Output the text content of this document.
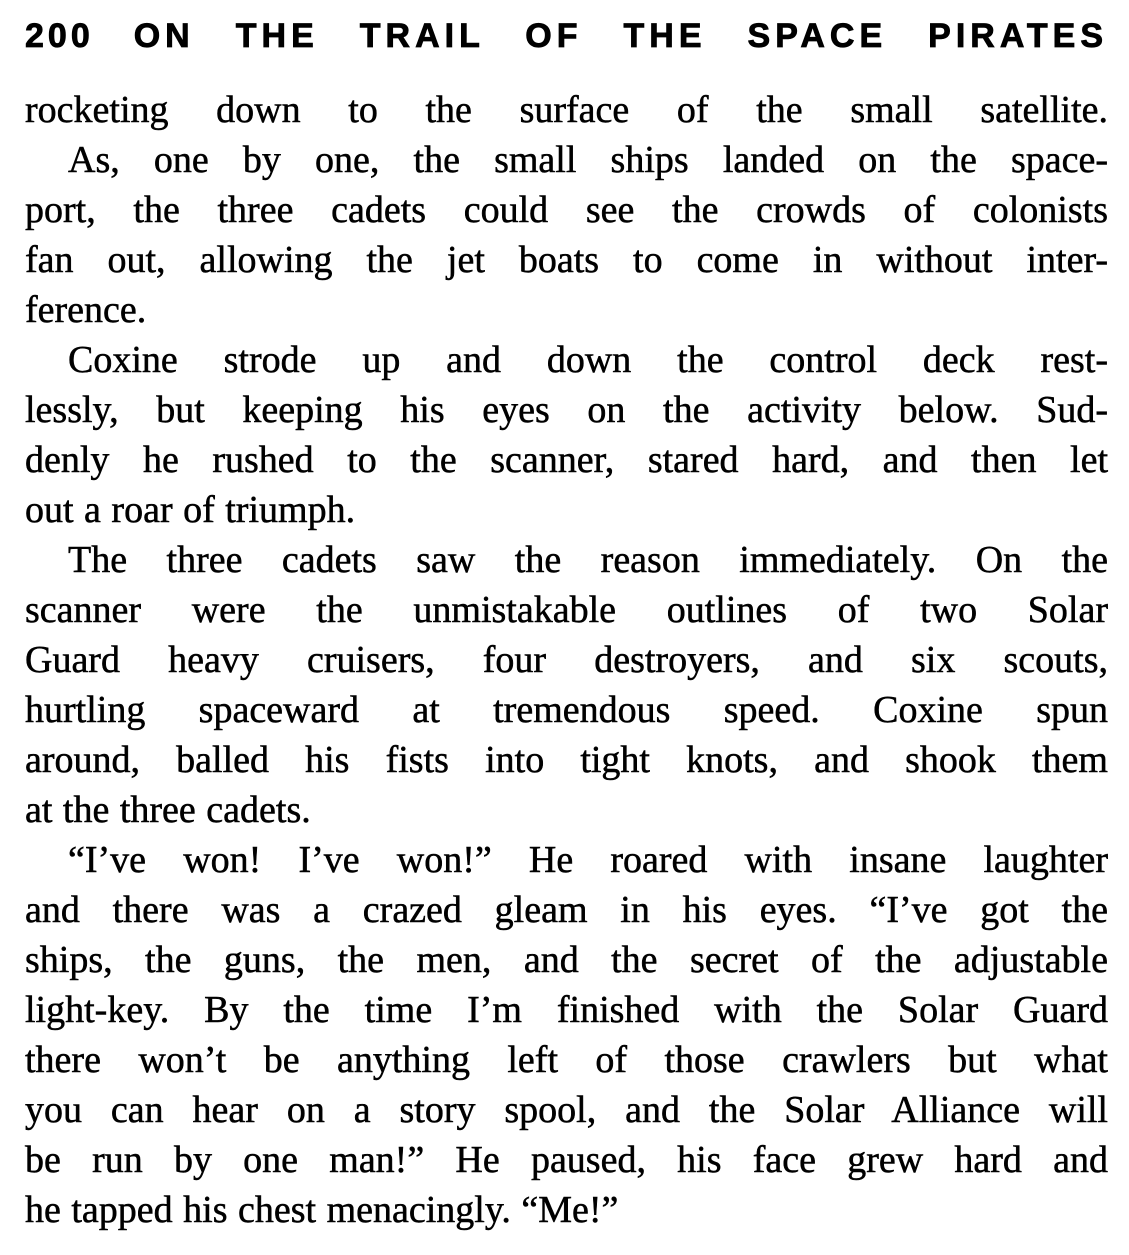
200 ON THE TRAIL OF THE SPACE PIRATES
rocketing down to the surface of the small satellite.
As, one by one, the small ships landed on the space-
port, the three cadets could see the crowds of colonists
fan out, allowing the jet boats to come in without inter-
ference.
Coxine strode up and down the control deck rest-
lessly, but keeping his eyes on the activity below. Sud-
denly he rushed to the scanner, stared hard, and then let
out a roar of triumph.
The three cadets saw the reason immediately. On the
scanner were the unmistakable outlines of two Solar
Guard heavy cruisers, four destroyers, and six scouts,
hurtling spaceward at tremendous speed. Coxine spun
around, balled his fists into tight knots, and shook them
at the three cadets.
“I’ve won! I’ve won!” He roared with insane laughter
and there was a crazed gleam in his eyes. “I’ve got the
ships, the guns, the men, and the secret of the adjustable
light-key. By the time I’m finished with the Solar Guard
there won’t be anything left of those crawlers but what
you can hear on a story spool, and the Solar Alliance will
be run by one man!” He paused, his face grew hard and
he tapped his chest menacingly. “Me!”
